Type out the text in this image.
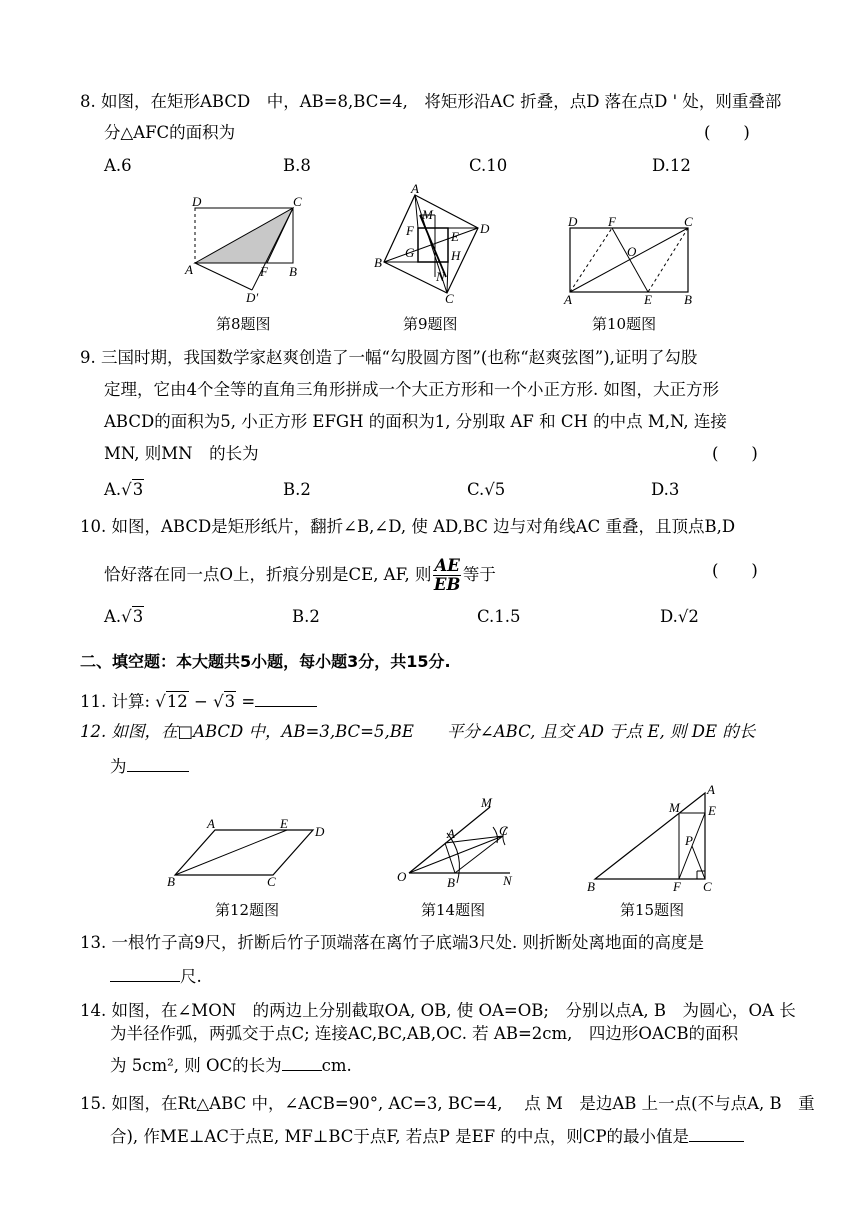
8. 如图，在矩形ABCD　中，AB=8,BC=4,　将矩形沿AC 折叠，点D 落在点D ' 处，则重叠部
分△AFC的面积为	(　　)
A.6	B.8	C.10	D.12
D	C
A	F B
D′
第8题图
A
M
F	E
D
B
G	H
N
C
第9题图
D F	C
O
A	E B
第10题图
9. 三国时期，我国数学家赵爽创造了一幅“勾股圆方图”(也称“赵爽弦图”),证明了勾股
定理，它由4个全等的直角三角形拼成一个大正方形和一个小正方形. 如图，大正方形
ABCD的面积为5, 小正方形 EFGH 的面积为1, 分别取 AF 和 CH 的中点 M,N, 连接
MN, 则MN　的长为	(　　)
A.√3	B.2	C.√5	D.3
10. 如图，ABCD是矩形纸片，翻折∠B,∠D, 使 AD,BC 边与对角线AC 重叠，且顶点B,D
恰好落在同一点O上，折痕分别是CE, AF, 则 $\frac{AE}{EB}$ 等于	(　　)
A.√3	B.2	C.1.5	D.√2
二、填空题：本大题共5小题，每小题3分，共15分.
11. 计算: √12 − √3 =
12. 如图，在□ABCD 中，AB=3,BC=5,BE　　平分∠ABC, 且交 AD 于点 E, 则 DE 的长
为
A	E
D
B	C
第12题图
M
A	C
O	B	N
第14题图
A
M E
P
B	F C
第15题图
13. 一根竹子高9尺，折断后竹子顶端落在离竹子底端3尺处. 则折断处离地面的高度是
尺.
14. 如图，在∠MON　的两边上分别截取OA, OB, 使 OA=OB;　分别以点A, B　为圆心，OA 长
为半径作弧，两弧交于点C; 连接AC,BC,AB,OC. 若 AB=2cm,　四边形OACB的面积
为 5cm², 则 OC的长为 cm.
15. 如图，在Rt△ABC 中，∠ACB=90°, AC=3, BC=4,　 点 M　是边AB 上一点(不与点A, B　重
合), 作ME⊥AC于点E, MF⊥BC于点F, 若点P 是EF 的中点，则CP的最小值是
